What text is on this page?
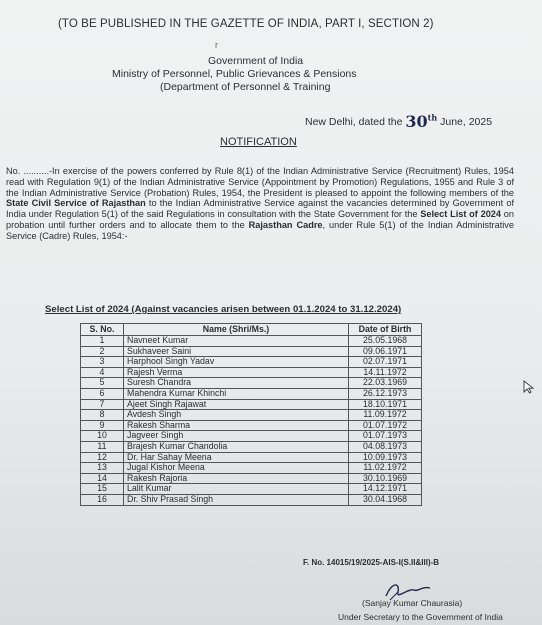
(TO BE PUBLISHED IN THE GAZETTE OF INDIA, PART I, SECTION 2)
r
Government of India
Ministry of Personnel, Public Grievances & Pensions
(Department of Personnel & Training
New Delhi, dated the 30th June, 2025
NOTIFICATION
No. ..........-In exercise of the powers conferred by Rule 8(1) of the Indian Administrative Service (Recruitment) Rules, 1954 read with Regulation 9(1) of the Indian Administrative Service (Appointment by Promotion) Regulations, 1955 and Rule 3 of the Indian Administrative Service (Probation) Rules, 1954, the President is pleased to appoint the following members of the State Civil Service of Rajasthan to the Indian Administrative Service against the vacancies determined by Government of India under Regulation 5(1) of the said Regulations in consultation with the State Government for the Select List of 2024 on probation until further orders and to allocate them to the Rajasthan Cadre, under Rule 5(1) of the Indian Administrative Service (Cadre) Rules, 1954:-
Select List of 2024 (Against vacancies arisen between 01.1.2024 to 31.12.2024)
S. No.	Name (Shri/Ms.)	Date of Birth
1	Navneet Kumar	25.05.1968
2	Sukhaveer Saini	09.06.1971
3	Harphool Singh Yadav	02.07.1971
4	Rajesh Verma	14.11.1972
5	Suresh Chandra	22.03.1969
6	Mahendra Kumar Khinchi	26.12.1973
7	Ajeet Singh Rajawat	18.10.1971
8	Avdesh Singh	11.09.1972
9	Rakesh Sharma	01.07.1972
10	Jagveer Singh	01.07.1973
11	Brajesh Kumar Chandolia	04.08.1973
12	Dr. Har Sahay Meena	10.09.1973
13	Jugal Kishor Meena	11.02.1972
14	Rakesh Rajoria	30.10.1969
15	Lalit Kumar	14.12.1971
16	Dr. Shiv Prasad Singh	30.04.1968
F. No. 14015/19/2025-AIS-I(S.II&III)-B
(Sanjay Kumar Chaurasia)
Under Secretary to the Government of India
